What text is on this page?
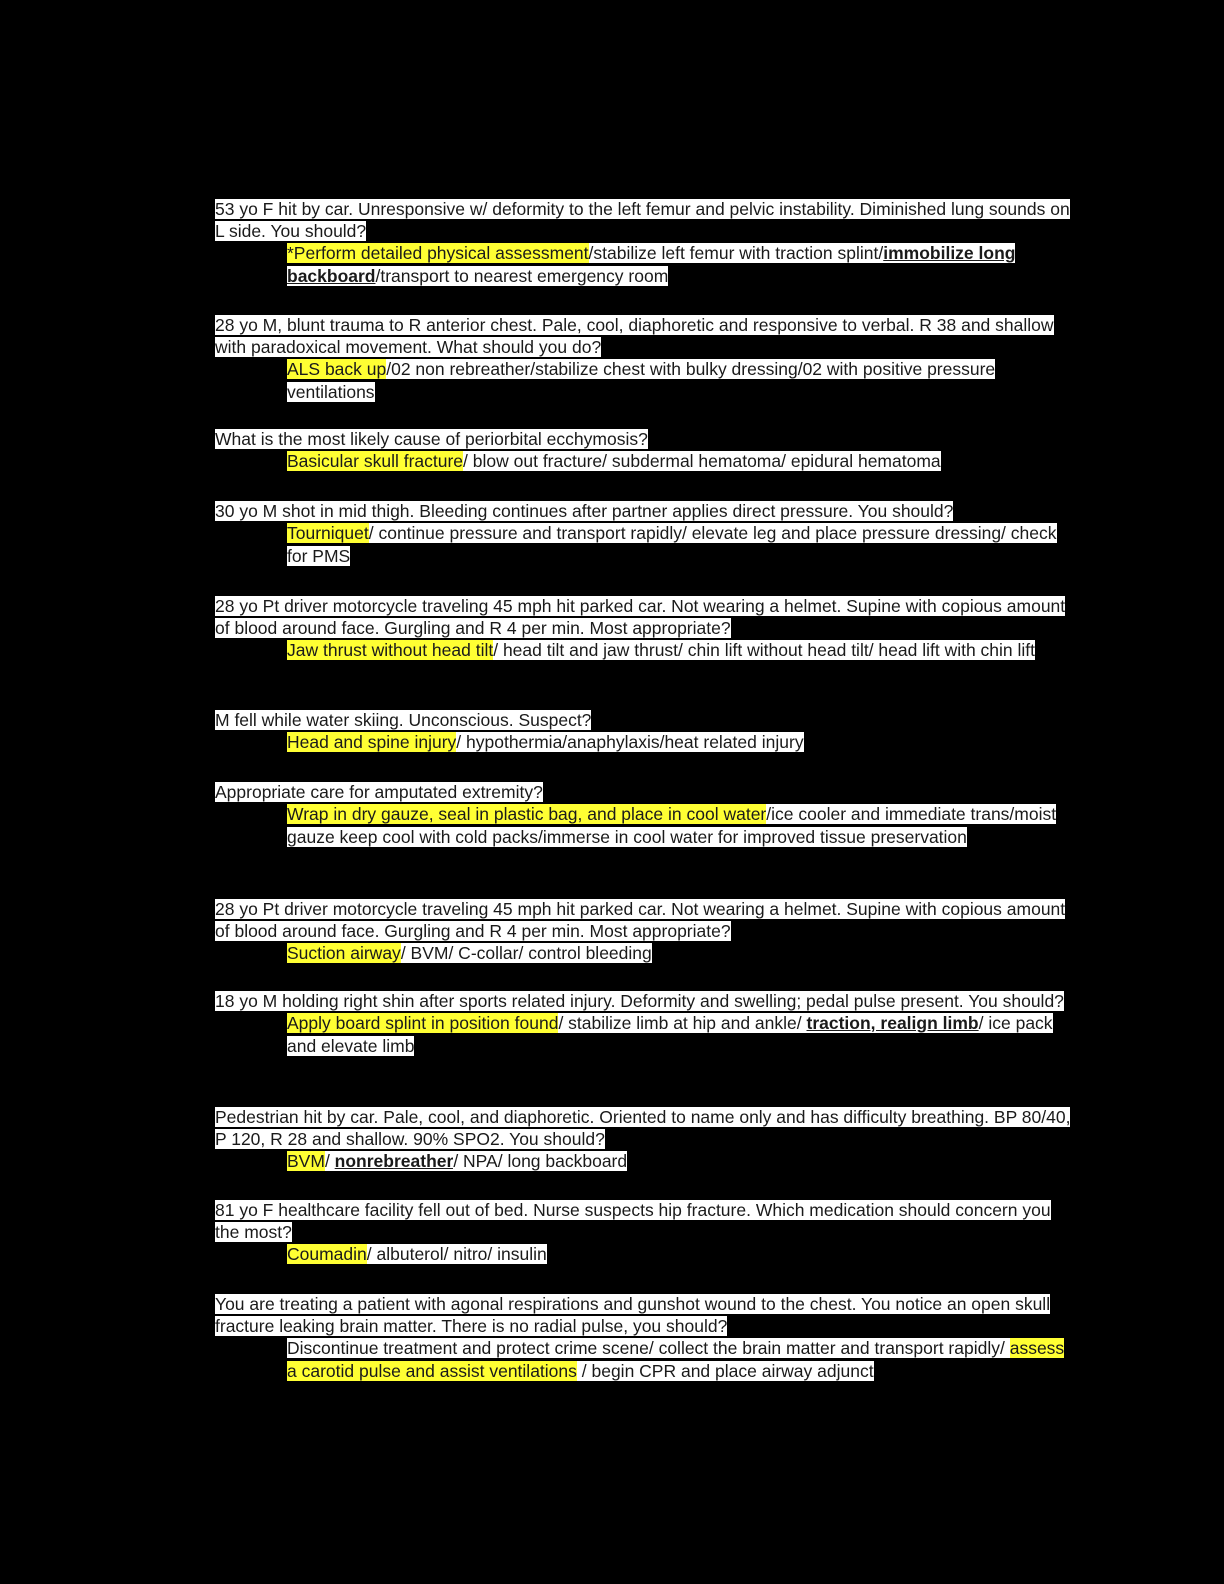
53 yo F hit by car. Unresponsive w/ deformity to the left femur and pelvic instability. Diminished lung sounds on L side. You should?

*Perform detailed physical assessment/stabilize left femur with traction splint/immobilize long backboard/transport to nearest emergency room

28 yo M, blunt trauma to R anterior chest. Pale, cool, diaphoretic and responsive to verbal. R 38 and shallow with paradoxical movement. What should you do?

ALS back up/02 non rebreather/stabilize chest with bulky dressing/02 with positive pressure ventilations

What is the most likely cause of periorbital ecchymosis?

Basicular skull fracture/ blow out fracture/ subdermal hematoma/ epidural hematoma

30 yo M shot in mid thigh. Bleeding continues after partner applies direct pressure. You should?

Tourniquet/ continue pressure and transport rapidly/ elevate leg and place pressure dressing/ check for PMS

28 yo Pt driver motorcycle traveling 45 mph hit parked car. Not wearing a helmet. Supine with copious amount of blood around face. Gurgling and R 4 per min. Most appropriate?

Jaw thrust without head tilt/ head tilt and jaw thrust/ chin lift without head tilt/ head lift with chin lift

M fell while water skiing. Unconscious. Suspect?

Head and spine injury/ hypothermia/anaphylaxis/heat related injury

Appropriate care for amputated extremity?

Wrap in dry gauze, seal in plastic bag, and place in cool water/ice cooler and immediate trans/moist gauze keep cool with cold packs/immerse in cool water for improved tissue preservation

28 yo Pt driver motorcycle traveling 45 mph hit parked car. Not wearing a helmet. Supine with copious amount of blood around face. Gurgling and R 4 per min. Most appropriate?

Suction airway/ BVM/ C-collar/ control bleeding

18 yo M holding right shin after sports related injury. Deformity and swelling; pedal pulse present. You should?

Apply board splint in position found/ stabilize limb at hip and ankle/ traction, realign limb/ ice pack and elevate limb

Pedestrian hit by car. Pale, cool, and diaphoretic. Oriented to name only and has difficulty breathing. BP 80/40, P 120, R 28 and shallow. 90% SPO2. You should?

BVM/ nonrebreather/ NPA/ long backboard

81 yo F healthcare facility fell out of bed. Nurse suspects hip fracture. Which medication should concern you the most?

Coumadin/ albuterol/ nitro/ insulin

You are treating a patient with agonal respirations and gunshot wound to the chest. You notice an open skull fracture leaking brain matter. There is no radial pulse, you should?

Discontinue treatment and protect crime scene/ collect the brain matter and transport rapidly/ assess a carotid pulse and assist ventilations / begin CPR and place airway adjunct
